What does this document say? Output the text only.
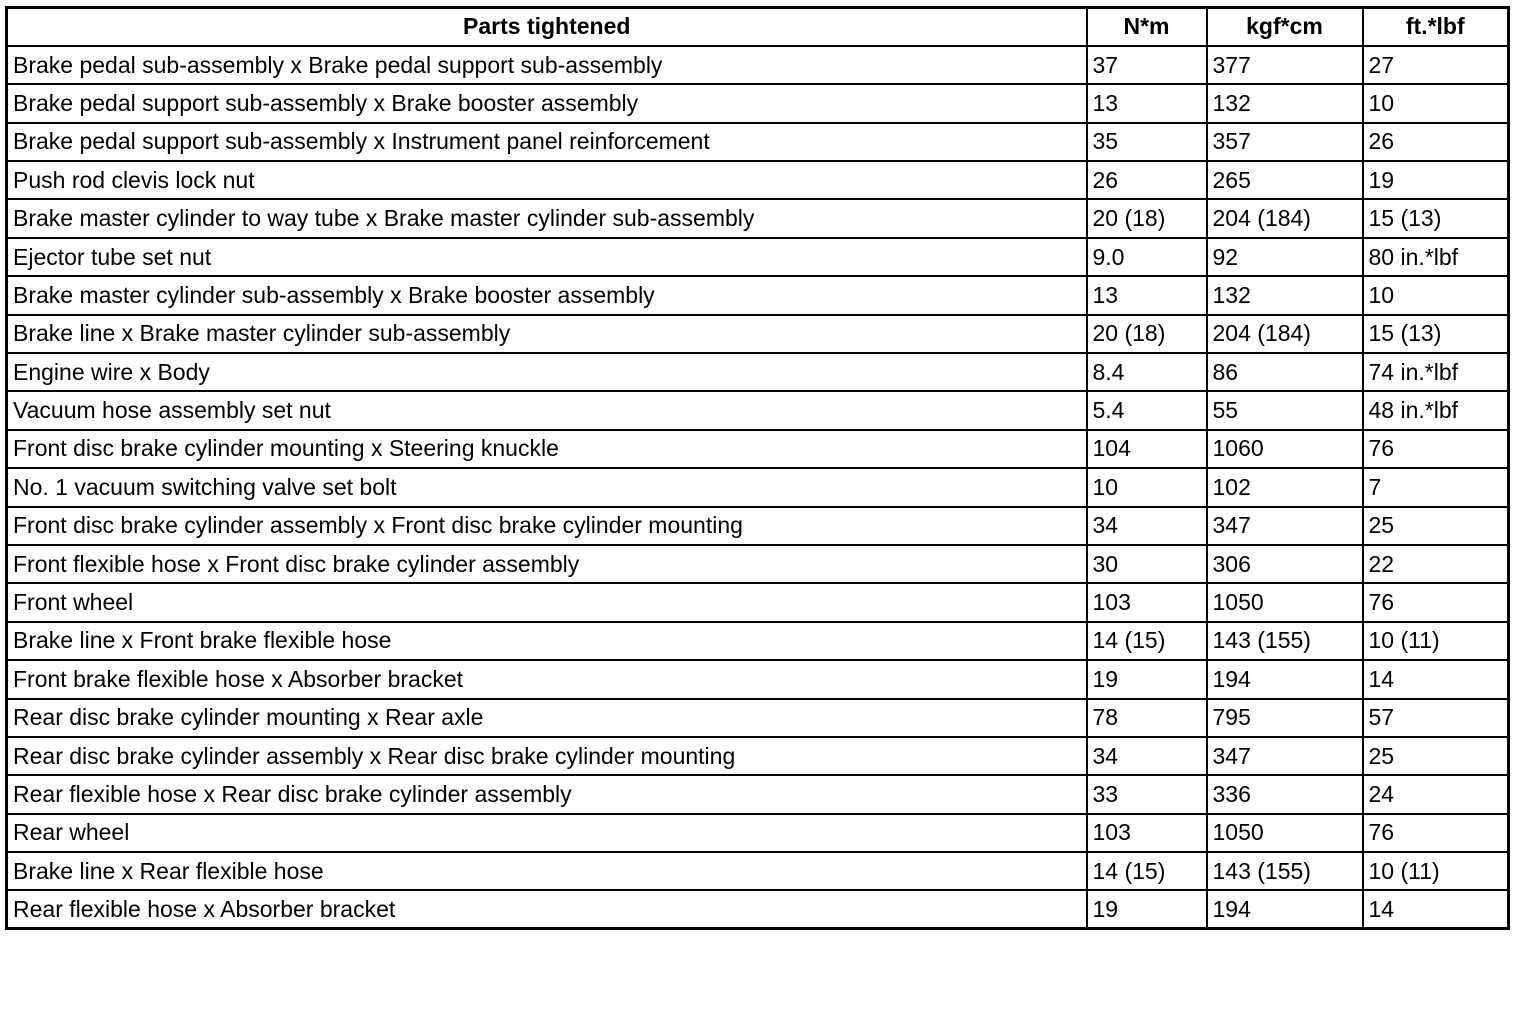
Parts tightened	N*m	kgf*cm	ft.*lbf
Brake pedal sub-assembly x Brake pedal support sub-assembly	37	377	27
Brake pedal support sub-assembly x Brake booster assembly	13	132	10
Brake pedal support sub-assembly x Instrument panel reinforcement	35	357	26
Push rod clevis lock nut	26	265	19
Brake master cylinder to way tube x Brake master cylinder sub-assembly	20 (18)	204 (184)	15 (13)
Ejector tube set nut	9.0	92	80 in.*lbf
Brake master cylinder sub-assembly x Brake booster assembly	13	132	10
Brake line x Brake master cylinder sub-assembly	20 (18)	204 (184)	15 (13)
Engine wire x Body	8.4	86	74 in.*lbf
Vacuum hose assembly set nut	5.4	55	48 in.*lbf
Front disc brake cylinder mounting x Steering knuckle	104	1060	76
No. 1 vacuum switching valve set bolt	10	102	7
Front disc brake cylinder assembly x Front disc brake cylinder mounting	34	347	25
Front flexible hose x Front disc brake cylinder assembly	30	306	22
Front wheel	103	1050	76
Brake line x Front brake flexible hose	14 (15)	143 (155)	10 (11)
Front brake flexible hose x Absorber bracket	19	194	14
Rear disc brake cylinder mounting x Rear axle	78	795	57
Rear disc brake cylinder assembly x Rear disc brake cylinder mounting	34	347	25
Rear flexible hose x Rear disc brake cylinder assembly	33	336	24
Rear wheel	103	1050	76
Brake line x Rear flexible hose	14 (15)	143 (155)	10 (11)
Rear flexible hose x Absorber bracket	19	194	14
